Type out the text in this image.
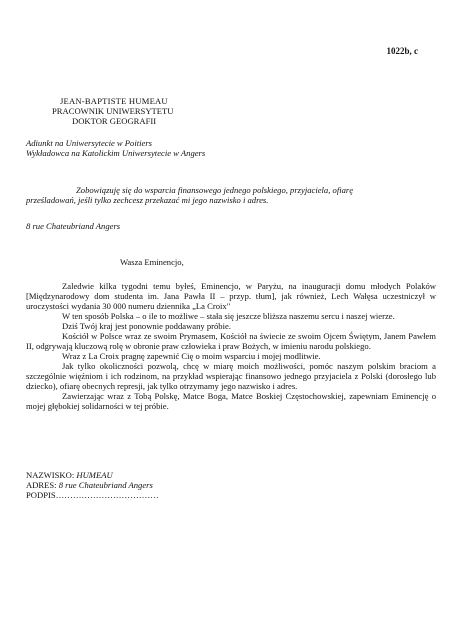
1022b, c
JEAN-BAPTISTE HUMEAU
PRACOWNIK UNIWERSYTETU
DOKTOR GEOGRAFII
Adiunkt na Uniwersytecie w Poitiers
Wykładowca na Katolickim Uniwersytecie w Angers
Zobowiązuję się do wsparcia finansowego jednego polskiego, przyjaciela, ofiarę
prześladowań, jeśli tylko zechcesz przekazać mi jego nazwisko i adres.
8 rue Chateubriand Angers
Wasza Eminencjo,

Zaledwie kilka tygodni temu byłeś, Eminencjo, w Paryżu, na inauguracji domu młodych Polaków [Międzynarodowy dom studenta im. Jana Pawła II – przyp. tłum], jak również, Lech Wałęsa uczestniczył w uroczystości wydania 30 000 numeru dziennika „La Croix"

W ten sposób Polska – o ile to możliwe – stała się jeszcze bliższa naszemu sercu i naszej wierze.

Dziś Twój kraj jest ponownie poddawany próbie.

Kościół w Polsce wraz ze swoim Prymasem, Kościół na świecie ze swoim Ojcem Świętym, Janem Pawłem II, odgrywają kluczową rolę w obronie praw człowieka i praw Bożych, w imieniu narodu polskiego.

Wraz z La Croix pragnę zapewnić Cię o moim wsparciu i mojej modlitwie.

Jak tylko okoliczności pozwolą, chcę w miarę moich możliwości, pomóc naszym polskim braciom a szczególnie więźniom i ich rodzinom, na przykład wspierając finansowo jednego przyjaciela z Polski (dorosłego lub dziecko), ofiarę obecnych represji, jak tylko otrzymamy jego nazwisko i adres.

Zawierzając wraz z Tobą Polskę, Matce Boga, Matce Boskiej Częstochowskiej, zapewniam Eminencję o mojej głębokiej solidarności w tej próbie.

NAZWISKO: HUMEAU
ADRES: 8 rue Chateubriand Angers
PODPIS………………………………
